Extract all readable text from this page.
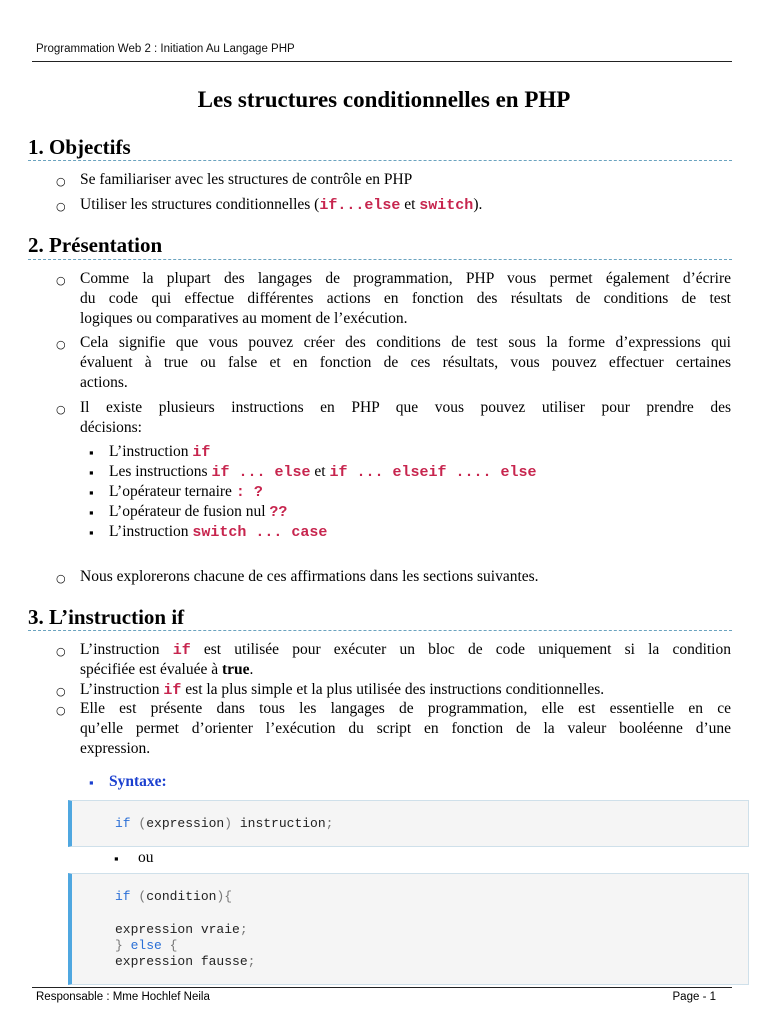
Programmation Web 2 : Initiation Au Langage PHP
Les structures conditionnelles en PHP
1. Objectifs
○ Se familiariser avec les structures de contrôle en PHP
○ Utiliser les structures conditionnelles (if...else et switch).
2. Présentation
○ Comme la plupart des langages de programmation, PHP vous permet également d’écrire
du code qui effectue différentes actions en fonction des résultats de conditions de test
logiques ou comparatives au moment de l’exécution.
○ Cela signifie que vous pouvez créer des conditions de test sous la forme d’expressions qui
évaluent à true ou false et en fonction de ces résultats, vous pouvez effectuer certaines
actions.
○ Il existe plusieurs instructions en PHP que vous pouvez utiliser pour prendre des
décisions:
▪ L’instruction if
▪ Les instructions if ... else et if ... elseif .... else
▪ L’opérateur ternaire : ?
▪ L’opérateur de fusion nul ??
▪ L’instruction switch ... case
○ Nous explorerons chacune de ces affirmations dans les sections suivantes.
3. L’instruction if
○ L’instruction if est utilisée pour exécuter un bloc de code uniquement si la condition
spécifiée est évaluée à true.
○ L’instruction if est la plus simple et la plus utilisée des instructions conditionnelles.
○ Elle est présente dans tous les langages de programmation, elle est essentielle en ce
qu’elle permet d’orienter l’exécution du script en fonction de la valeur booléenne d’une
expression.
▪ Syntaxe:
if (expression) instruction;
▪ ou
if (condition){
expression vraie;
} else {
expression fausse;
Responsable : Mme Hochlef Neila	Page - 1
